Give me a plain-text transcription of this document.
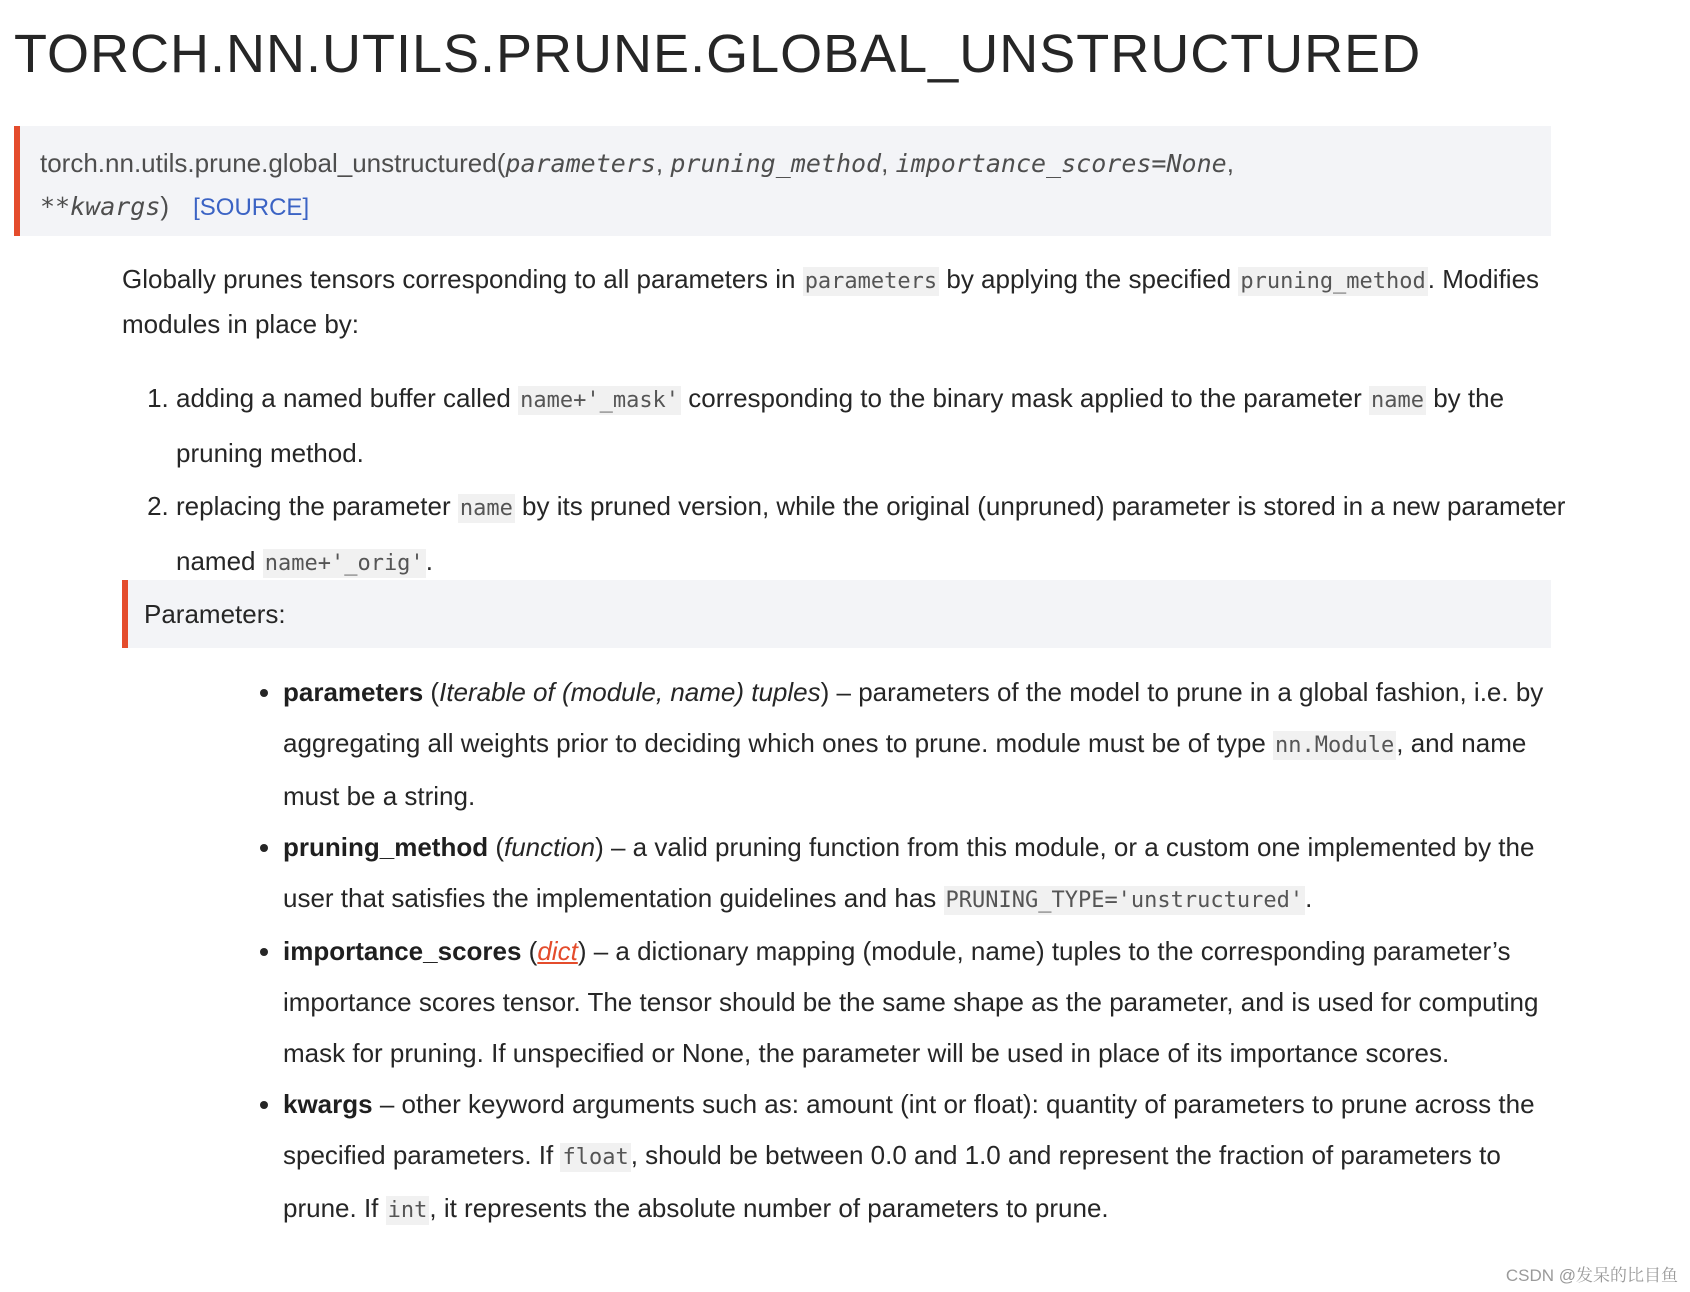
TORCH.NN.UTILS.PRUNE.GLOBAL_UNSTRUCTURED
torch.nn.utils.prune.global_unstructured(parameters, pruning_method, importance_scores=None,
**kwargs) [SOURCE]

Globally prunes tensors corresponding to all parameters in parameters by applying the specified pruning_method. Modifies modules in place by:

1. adding a named buffer called name+'_mask' corresponding to the binary mask applied to the parameter name by the pruning method.
2. replacing the parameter name by its pruned version, while the original (unpruned) parameter is stored in a new parameter named name+'_orig'.
Parameters:
• parameters (Iterable of (module, name) tuples) – parameters of the model to prune in a global fashion, i.e. by aggregating all weights prior to deciding which ones to prune. module must be of type nn.Module, and name must be a string.
• pruning_method (function) – a valid pruning function from this module, or a custom one implemented by the user that satisfies the implementation guidelines and has PRUNING_TYPE='unstructured'.
• importance_scores (dict) – a dictionary mapping (module, name) tuples to the corresponding parameter’s importance scores tensor. The tensor should be the same shape as the parameter, and is used for computing mask for pruning. If unspecified or None, the parameter will be used in place of its importance scores.
• kwargs – other keyword arguments such as: amount (int or float): quantity of parameters to prune across the specified parameters. If float, should be between 0.0 and 1.0 and represent the fraction of parameters to prune. If int, it represents the absolute number of parameters to prune.
CSDN @发呆的比目鱼
